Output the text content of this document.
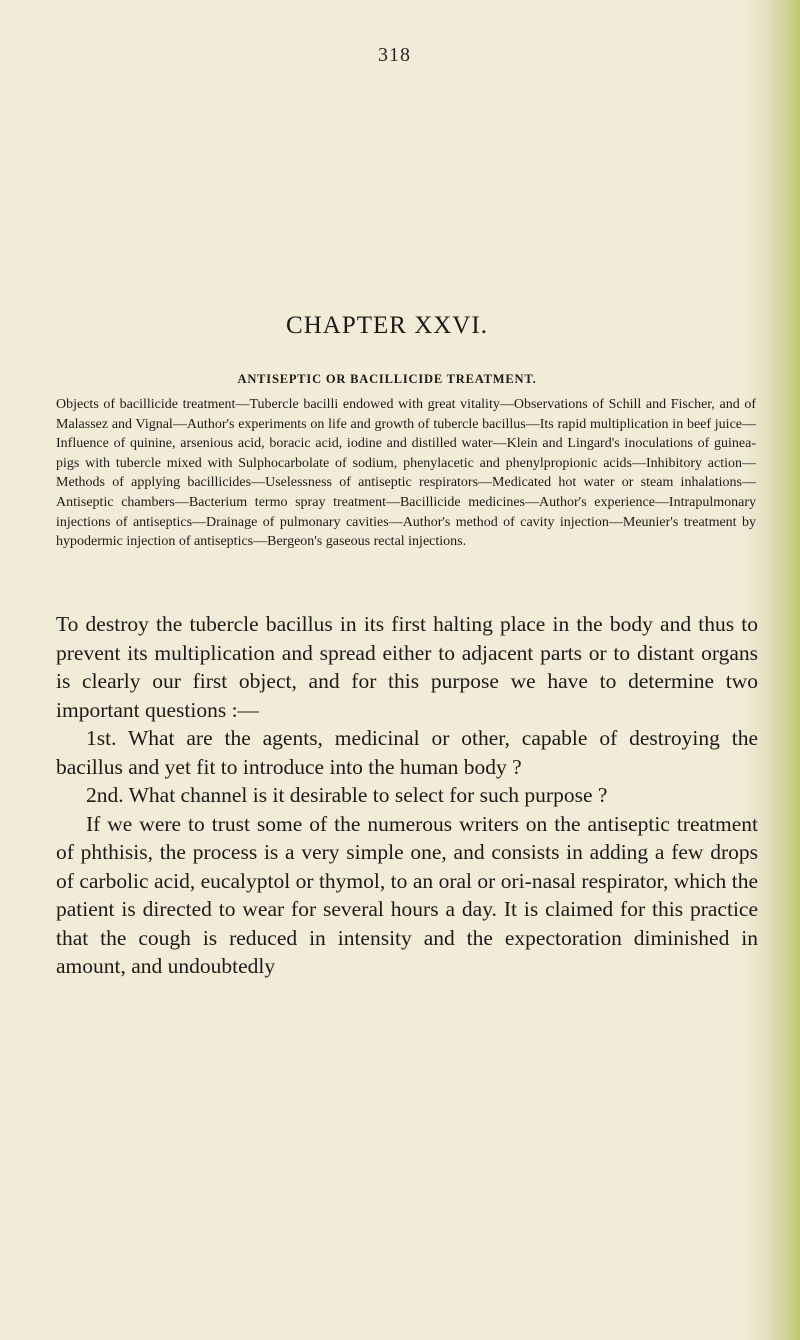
318
CHAPTER XXVI.
ANTISEPTIC OR BACILLICIDE TREATMENT.
Objects of bacillicide treatment—Tubercle bacilli endowed with great vitality—Observations of Schill and Fischer, and of Malassez and Vignal—Author's experiments on life and growth of tubercle bacillus—Its rapid multiplication in beef juice—Influence of quinine, arsenious acid, boracic acid, iodine and distilled water—Klein and Lingard's inoculations of guinea-pigs with tubercle mixed with Sulphocarbolate of sodium, phenylacetic and phenylpropionic acids—Inhibitory action—Methods of applying bacillicides—Uselessness of antiseptic respirators—Medicated hot water or steam inhalations—Antiseptic chambers—Bacterium termo spray treatment—Bacillicide medicines—Author's experience—Intrapulmonary injections of antiseptics—Drainage of pulmonary cavities—Author's method of cavity injection—Meunier's treatment by hypodermic injection of antiseptics—Bergeon's gaseous rectal injections.

To destroy the tubercle bacillus in its first halting place in the body and thus to prevent its multiplication and spread either to adjacent parts or to distant organs is clearly our first object, and for this purpose we have to determine two important questions :—

1st. What are the agents, medicinal or other, capable of destroying the bacillus and yet fit to introduce into the human body ?

2nd. What channel is it desirable to select for such purpose ?

If we were to trust some of the numerous writers on the antiseptic treatment of phthisis, the process is a very simple one, and consists in adding a few drops of carbolic acid, eucalyptol or thymol, to an oral or ori-nasal respirator, which the patient is directed to wear for several hours a day. It is claimed for this practice that the cough is reduced in intensity and the expectoration diminished in amount, and undoubtedly
